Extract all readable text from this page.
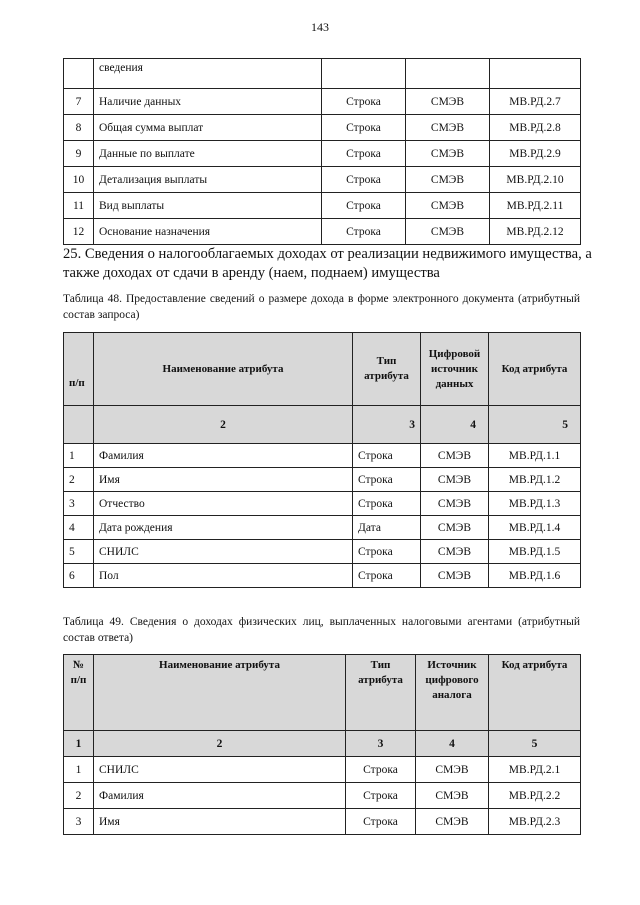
143
	сведения			
7	Наличие данных	Строка	СМЭВ	МВ.РД.2.7
8	Общая сумма выплат	Строка	СМЭВ	МВ.РД.2.8
9	Данные по выплате	Строка	СМЭВ	МВ.РД.2.9
10	Детализация выплаты	Строка	СМЭВ	МВ.РД.2.10
11	Вид выплаты	Строка	СМЭВ	МВ.РД.2.11
12	Основание назначения	Строка	СМЭВ	МВ.РД.2.12
25. Сведения о налогооблагаемых доходах от реализации недвижимого имущества, а также доходах от сдачи в аренду (наем, поднаем) имущества
Таблица 48. Предоставление сведений о размере дохода в форме электронного документа (атрибутный состав запроса)
п/п	Наименование атрибута	Тип атрибута	Цифровой источник данных	Код атрибута
	2	3	4	5
1	Фамилия	Строка	СМЭВ	МВ.РД.1.1
2	Имя	Строка	СМЭВ	МВ.РД.1.2
3	Отчество	Строка	СМЭВ	МВ.РД.1.3
4	Дата рождения	Дата	СМЭВ	МВ.РД.1.4
5	СНИЛС	Строка	СМЭВ	МВ.РД.1.5
6	Пол	Строка	СМЭВ	МВ.РД.1.6
Таблица 49. Сведения о доходах физических лиц, выплаченных налоговыми агентами (атрибутный состав ответа)
№
п/п	Наименование атрибута	Тип атрибута	Источник цифрового аналога	Код атрибута
1	2	3	4	5
1	СНИЛС	Строка	СМЭВ	МВ.РД.2.1
2	Фамилия	Строка	СМЭВ	МВ.РД.2.2
3	Имя	Строка	СМЭВ	МВ.РД.2.3
